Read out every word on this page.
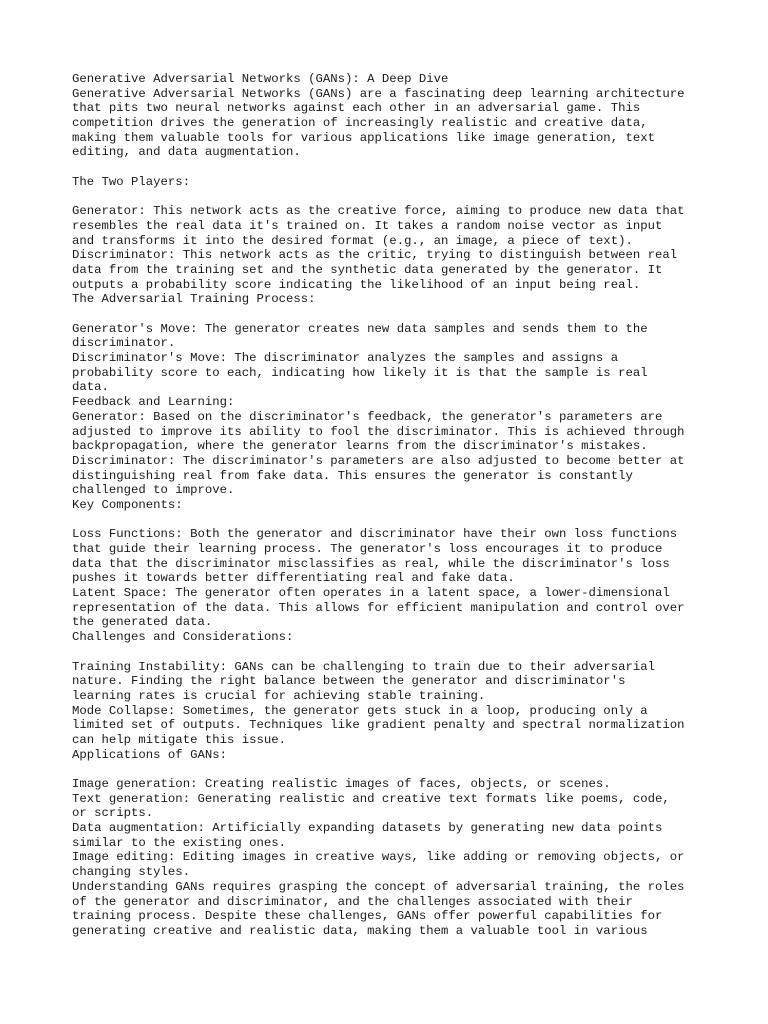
Generative Adversarial Networks (GANs): A Deep Dive
Generative Adversarial Networks (GANs) are a fascinating deep learning architecture
that pits two neural networks against each other in an adversarial game. This
competition drives the generation of increasingly realistic and creative data,
making them valuable tools for various applications like image generation, text
editing, and data augmentation.
The Two Players:
Generator: This network acts as the creative force, aiming to produce new data that
resembles the real data it's trained on. It takes a random noise vector as input
and transforms it into the desired format (e.g., an image, a piece of text).
Discriminator: This network acts as the critic, trying to distinguish between real
data from the training set and the synthetic data generated by the generator. It
outputs a probability score indicating the likelihood of an input being real.
The Adversarial Training Process:
Generator's Move: The generator creates new data samples and sends them to the
discriminator.
Discriminator's Move: The discriminator analyzes the samples and assigns a
probability score to each, indicating how likely it is that the sample is real
data.
Feedback and Learning:
Generator: Based on the discriminator's feedback, the generator's parameters are
adjusted to improve its ability to fool the discriminator. This is achieved through
backpropagation, where the generator learns from the discriminator's mistakes.
Discriminator: The discriminator's parameters are also adjusted to become better at
distinguishing real from fake data. This ensures the generator is constantly
challenged to improve.
Key Components:
Loss Functions: Both the generator and discriminator have their own loss functions
that guide their learning process. The generator's loss encourages it to produce
data that the discriminator misclassifies as real, while the discriminator's loss
pushes it towards better differentiating real and fake data.
Latent Space: The generator often operates in a latent space, a lower-dimensional
representation of the data. This allows for efficient manipulation and control over
the generated data.
Challenges and Considerations:
Training Instability: GANs can be challenging to train due to their adversarial
nature. Finding the right balance between the generator and discriminator's
learning rates is crucial for achieving stable training.
Mode Collapse: Sometimes, the generator gets stuck in a loop, producing only a
limited set of outputs. Techniques like gradient penalty and spectral normalization
can help mitigate this issue.
Applications of GANs:
Image generation: Creating realistic images of faces, objects, or scenes.
Text generation: Generating realistic and creative text formats like poems, code,
or scripts.
Data augmentation: Artificially expanding datasets by generating new data points
similar to the existing ones.
Image editing: Editing images in creative ways, like adding or removing objects, or
changing styles.
Understanding GANs requires grasping the concept of adversarial training, the roles
of the generator and discriminator, and the challenges associated with their
training process. Despite these challenges, GANs offer powerful capabilities for
generating creative and realistic data, making them a valuable tool in various
